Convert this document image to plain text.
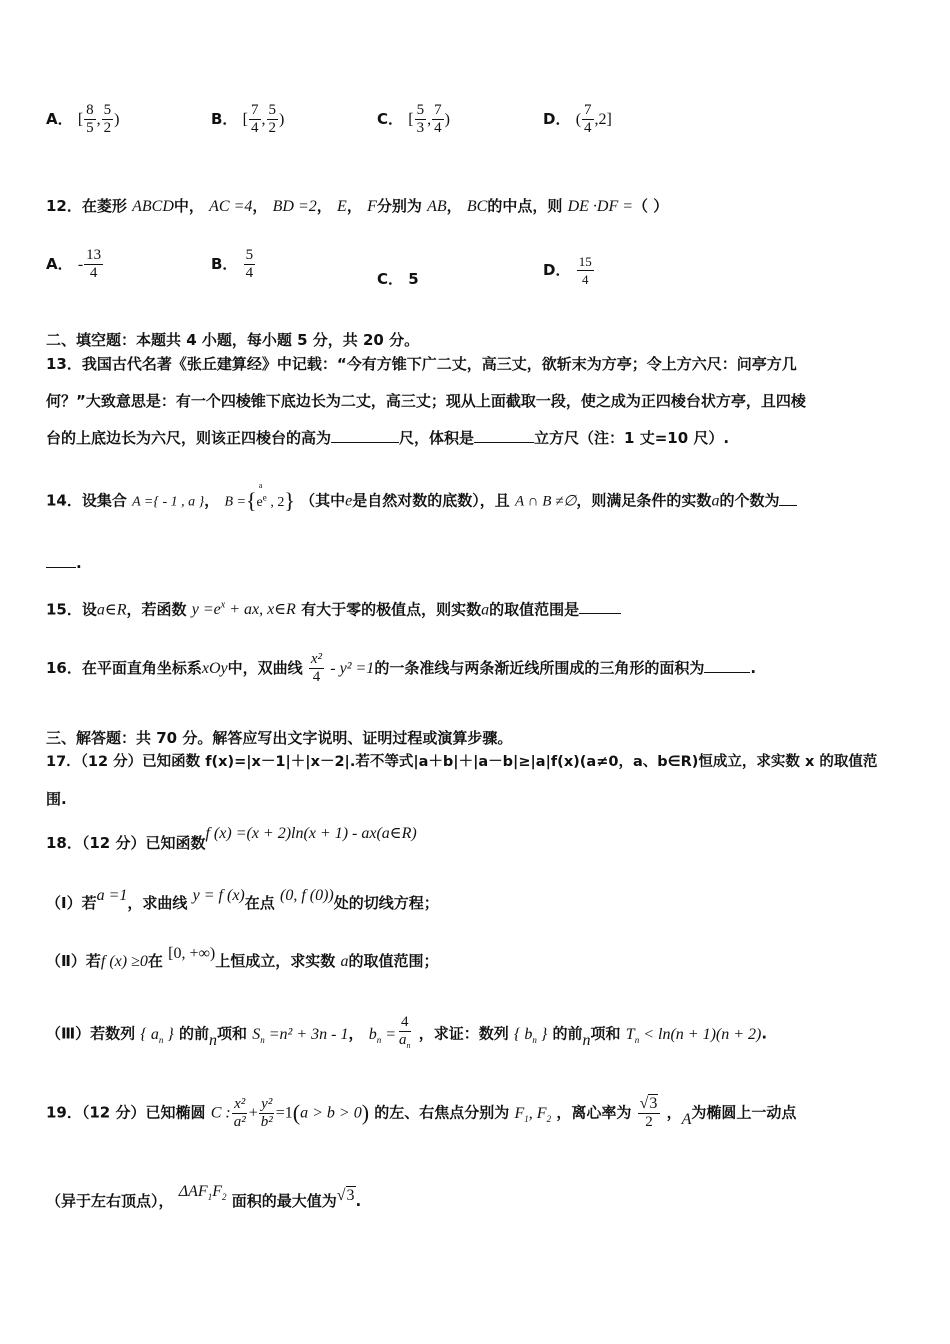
A． [ $\frac{8}{5}$ , $\frac{5}{2}$ )	B． [ $\frac{7}{4}$ , $\frac{5}{2}$ )	C． [ $\frac{5}{3}$ , $\frac{7}{4}$ )	D． ( $\frac{7}{4} ,2$]
12．在菱形 ABCD中， AC =4， BD =2， E， F分别为 AB， BC的中点，则 DE ·DF =（ ）
A． - $\frac{13}{4}$	B． $\frac{5}{4}$	C． 5	D． $\frac{15}{4}$
二、填空题：本题共 4 小题，每小题 5 分，共 20 分。
13．我国古代名著《张丘建算经》中记载：“今有方锥下广二丈，高三丈，欲斩末为方亭；令上方六尺：问亭方几
何？”大致意思是：有一个四棱锥下底边长为二丈，高三丈；现从上面截取一段，使之成为正四棱台状方亭，且四棱
台的上底边长为六尺，则该正四棱台的高为	尺，体积是	立方尺（注：1 丈=10 尺）.
14．设集合 A ={ - 1 , a }， $B =\{e^{ea}$, 2} （其中e是自然对数的底数），且 A ∩ B ≠∅，则满足条件的实数a的个数为
.
15．设a∈R，若函数 $y =e^x$ + ax, x∈R 有大于零的极值点，则实数a的取值范围是
16．在平面直角坐标系xOy中，双曲线 $\frac{\text{x²}}{4} - y^2 =1$的一条准线与两条渐近线所围成的三角形的面积为	.
三、解答题：共 70 分。解答应写出文字说明、证明过程或演算步骤。
17．（12 分）已知函数 f(x)=|x－1|＋|x－2|.若不等式|a＋b|＋|a－b|≥|a|f(x)(a≠0，a、b∈R)恒成立，求实数 x 的取值范
围.
18．（12 分）已知函数f (x) =(x + 2)ln(x + 1) - ax(a∈R)
（Ⅰ）若a =1，求曲线 y = f (x)在点 (0, f (0))处的切线方程；
（Ⅱ）若f (x) ≥0在 [0, +∞)上恒成立，求实数 a的取值范围；
（Ⅲ）若数列 { $a_n$ } 的前n项和 $S_n =n^2 + 3n - 1$， $b_n = \frac{4}{a_n}$ ，求证：数列 { $b_n$ } 的前n项和 $T_n < \ln(n + 1)(n + 2)$.
19．（12 分）已知椭圆 C : $\frac{\text{x²}}{\text{a²}} + \frac{\text{y²}}{\text{b²}} =1(a > b > 0)$ 的左、右焦点分别为 $F_1$, $F_2$ ，离心率为 $\frac{√3}{2}$ ，A为椭圆上一动点
（异于左右顶点）， $\Delta AF_1F_2$ 面积的最大值为√3.
